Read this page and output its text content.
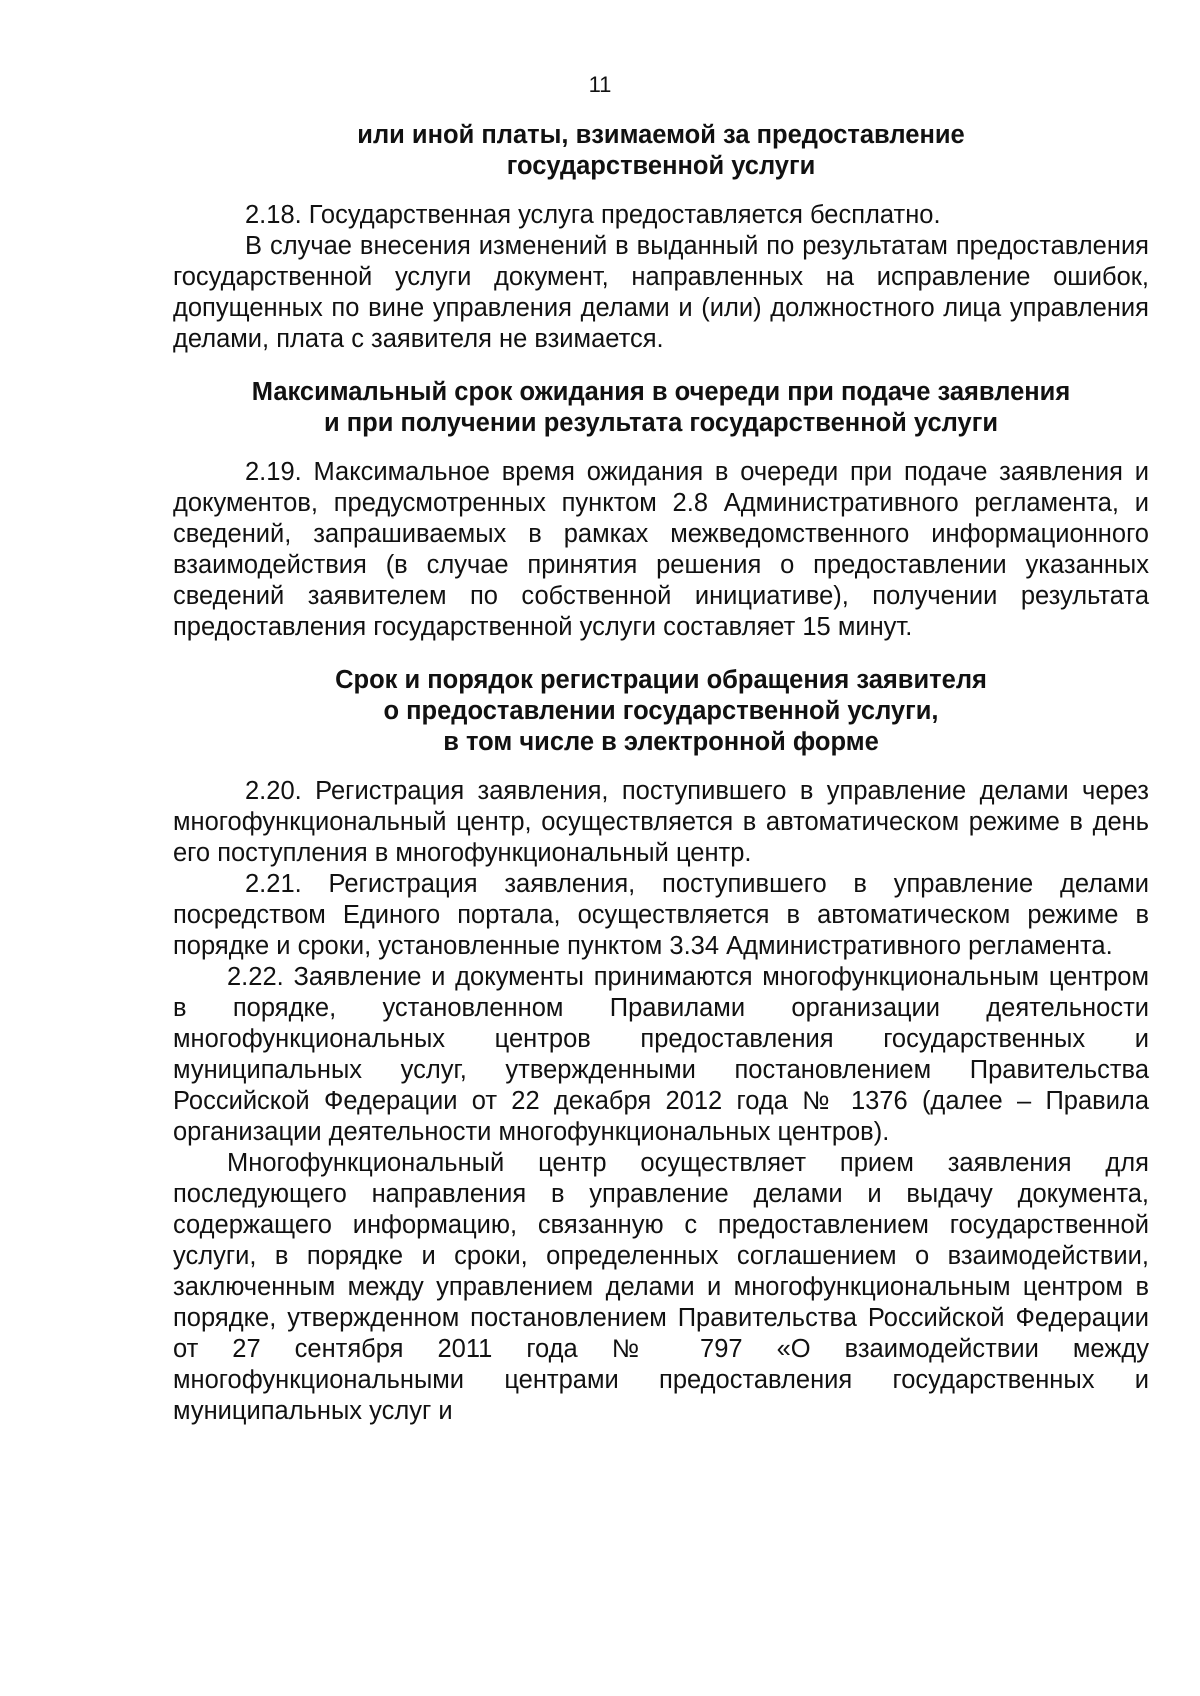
11

или иной платы, взимаемой за предоставление

государственной услуги

2.18. Государственная услуга предоставляется бесплатно.

В случае внесения изменений в выданный по результатам предоставления государственной услуги документ, направленных на исправление ошибок, допущенных по вине управления делами и (или) должностного лица управления делами, плата с заявителя не взимается.

Максимальный срок ожидания в очереди при подаче заявления

и при получении результата государственной услуги

2.19. Максимальное время ожидания в очереди при подаче заявления и документов, предусмотренных пунктом 2.8 Административного регламента, и сведений, запрашиваемых в рамках межведомственного информационного взаимодействия (в случае принятия решения о предоставлении указанных сведений заявителем по собственной инициативе), получении результата предоставления государственной услуги составляет 15 минут.

Срок и порядок регистрации обращения заявителя

о предоставлении государственной услуги,

в том числе в электронной форме

2.20. Регистрация заявления, поступившего в управление делами через многофункциональный центр, осуществляется в автоматическом режиме в день его поступления в многофункциональный центр.

2.21. Регистрация заявления, поступившего в управление делами посредством Единого портала, осуществляется в автоматическом режиме в порядке и сроки, установленные пунктом 3.34 Административного регламента.

2.22. Заявление и документы принимаются многофункциональным центром в порядке, установленном Правилами организации деятельности многофункциональных центров предоставления государственных и муниципальных услуг, утвержденными постановлением Правительства Российской Федерации от 22 декабря 2012 года № 1376 (далее – Правила организации деятельности многофункциональных центров).

Многофункциональный центр осуществляет прием заявления для последующего направления в управление делами и выдачу документа, содержащего информацию, связанную с предоставлением государственной услуги, в порядке и сроки, определенных соглашением о взаимодействии, заключенным между управлением делами и многофункциональным центром в порядке, утвержденном постановлением Правительства Российской Федерации от 27 сентября 2011 года № 797 «О взаимодействии между многофункциональными центрами предоставления государственных и муниципальных услуг и
